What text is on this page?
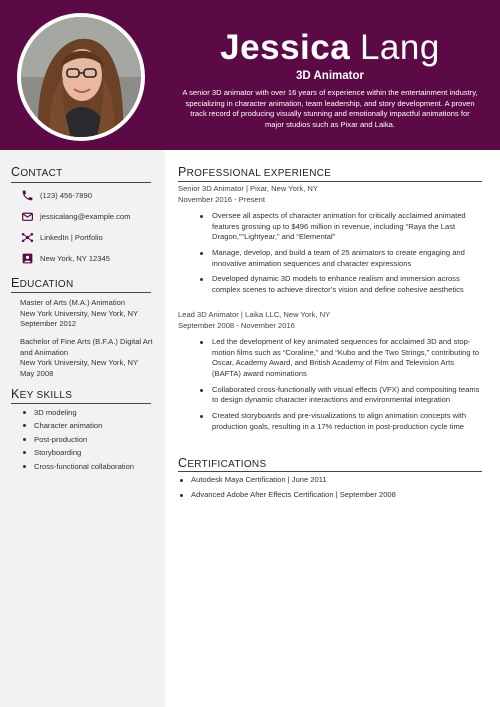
Jessica Lang
3D Animator
A senior 3D animator with over 16 years of experience within the entertainment industry, specializing in character animation, team leadership, and story development. A proven track record of producing visually stunning and emotionally impactful animations for major studios such as Pixar and Laika.
CONTACT
(123) 456-7890
jessicalang@example.com
LinkedIn | Portfolio
New York, NY 12345
EDUCATION
Master of Arts (M.A.) Animation
New York University, New York, NY
September 2012
Bachelor of Fine Arts (B.F.A.) Digital Art and Animation
New York University, New York, NY
May 2008
KEY SKILLS
3D modeling
Character animation
Post-production
Storyboarding
Cross-functional collaboration
PROFESSIONAL EXPERIENCE
Senior 3D Animator | Pixar, New York, NY
November 2016 - Present
Oversee all aspects of character animation for critically acclaimed animated features grossing up to $496 million in revenue, including “Raya the Last Dragon,”“Lightyear,” and “Elemental”
Manage, develop, and build a team of 25 animators to create engaging and innovative animation sequences and character expressions
Developed dynamic 3D models to enhance realism and immersion across complex scenes to achieve director’s vision and define cohesive aesthetics
Lead 3D Animator | Laika LLC, New York, NY
September 2008 - November 2016
Led the development of key animated sequences for acclaimed 3D and stop-motion films such as “Coraline,” and “Kubo and the Two Strings,” contributing to Oscar, Academy Award, and British Academy of Film and Television Arts (BAFTA) award nominations
Collaborated cross-functionally with visual effects (VFX) and compositing teams to design dynamic character interactions and environmental integration
Created storyboards and pre-visualizations to align animation concepts with production goals, resulting in a 17% reduction in post-production cycle time
CERTIFICATIONS
Autodesk Maya Certification | June 2011
Advanced Adobe After Effects Certification | September 2008
